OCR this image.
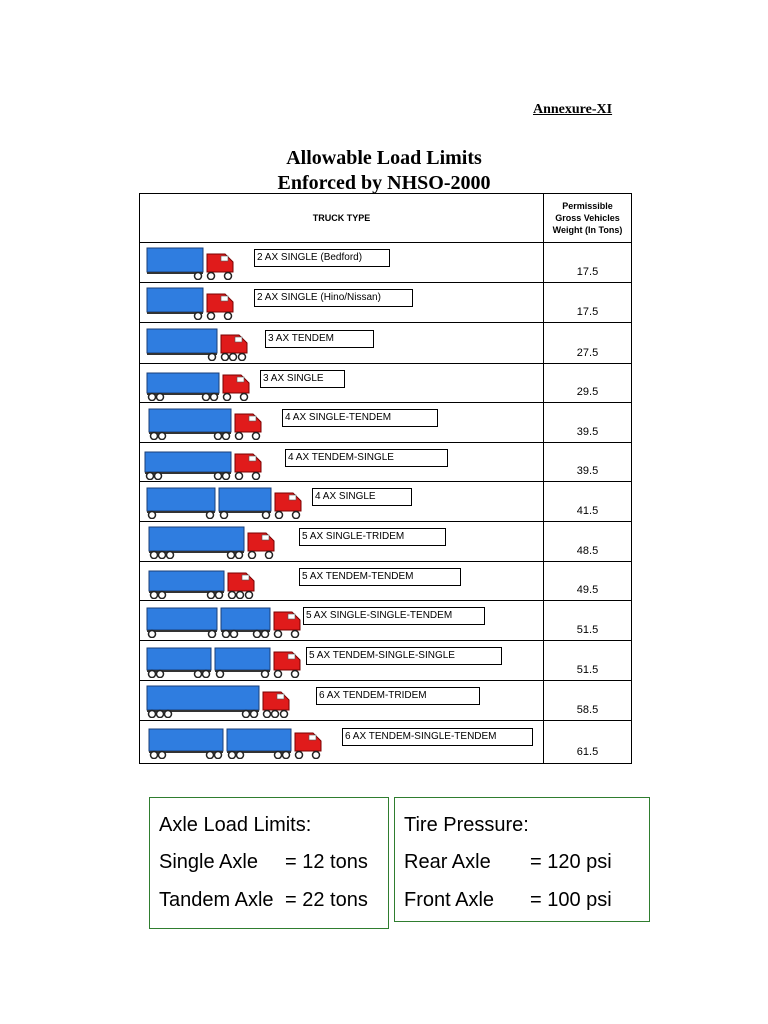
Annexure-XI
Allowable Load Limits
Enforced by NHSO-2000
TRUCK TYPE
Permissible
Gross Vehicles
Weight (In Tons)
2 AX SINGLE (Bedford)
17.5
2 AX SINGLE (Hino/Nissan)
17.5
3 AX TENDEM
27.5
3 AX SINGLE
29.5
4 AX SINGLE-TENDEM
39.5
4 AX TENDEM-SINGLE
39.5
4 AX SINGLE
41.5
5 AX SINGLE-TRIDEM
48.5
5 AX TENDEM-TENDEM
49.5
5 AX SINGLE-SINGLE-TENDEM
51.5
5 AX TENDEM-SINGLE-SINGLE
51.5
6 AX TENDEM-TRIDEM
58.5
6 AX TENDEM-SINGLE-TENDEM
61.5
Axle Load Limits:
Single Axle = 12 tons
Tandem Axle = 22 tons
Tire Pressure:
Rear Axle = 120 psi
Front Axle = 100 psi
